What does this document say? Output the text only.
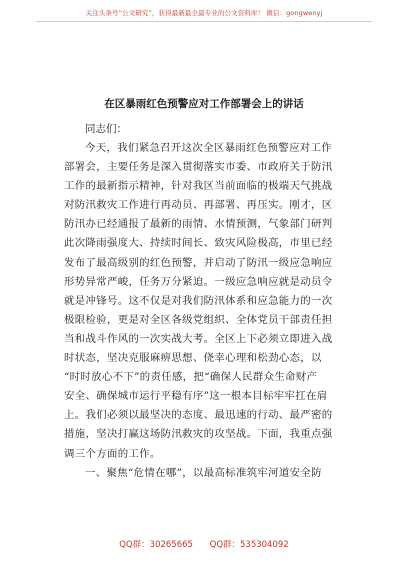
关注头条号“公文研究”，获得最新最全最专业的公文资料库！ 微信：gongwenyj
在区暴雨红色预警应对工作部署会上的讲话
同志们：
今天，我们紧急召开这次全区暴雨红色预警应对工作
部署会，主要任务是深入贯彻落实市委、市政府关于防汛
工作的最新指示精神，针对我区当前面临的极端天气挑战
对防汛救灾工作进行再动员、再部署、再压实。刚才，区
防汛办已经通报了最新的雨情、水情预测，气象部门研判
此次降雨强度大、持续时间长、致灾风险极高，市里已经
发布了最高级别的红色预警，并启动了防汛一级应急响应
形势异常严峻，任务万分紧迫。一级应急响应就是动员令
就是冲锋号。这不仅是对我们防汛体系和应急能力的一次
极限检验，更是对全区各级党组织、全体党员干部责任担
当和战斗作风的一次实战大考。全区上下必须立即进入战
时状态，坚决克服麻痹思想、侥幸心理和松劲心态，以
“时时放心不下”的责任感，把“确保人民群众生命财产
安全、确保城市运行平稳有序”这一根本目标牢牢扛在肩
上。我们必须以最坚决的态度、最迅速的行动、最严密的
措施，坚决打赢这场防汛救灾的攻坚战。下面，我重点强
调三个方面的工作。
一、聚焦“危情在哪”，以最高标准筑牢河道安全防
QQ群：30265665 QQ群：535304092
